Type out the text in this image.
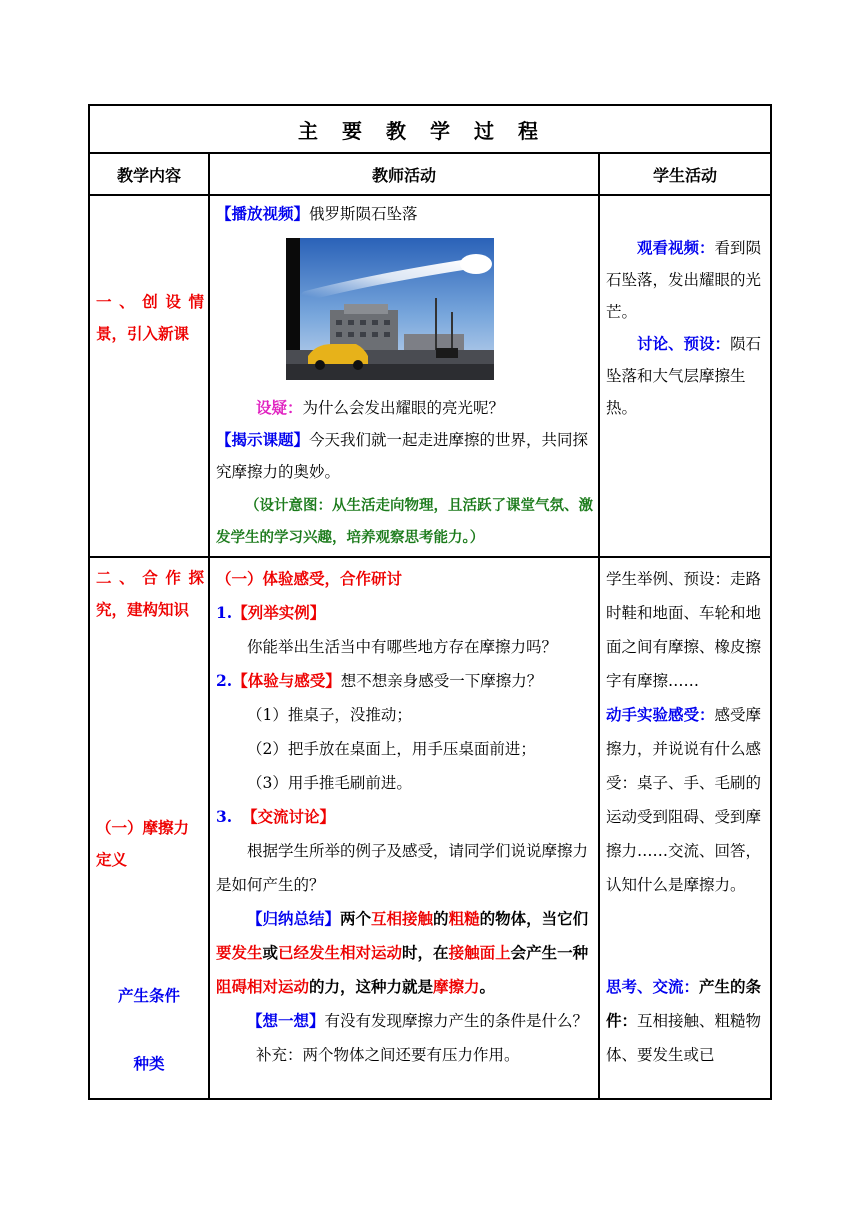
主要教学过程
教学内容	教师活动	学生活动
一、创设情景，引入新课

【播放视频】俄罗斯陨石坠落

设疑：为什么会发出耀眼的亮光呢？

【揭示课题】今天我们就一起走进摩擦的世界，共同探究摩擦力的奥妙。

（设计意图：从生活走向物理，且活跃了课堂气氛、激发学生的学习兴趣，培养观察思考能力。）

观看视频：看到陨石坠落，发出耀眼的光芒。

讨论、预设：陨石坠落和大气层摩擦生热。

二、合作探究，建构知识
（一）摩擦力定义
产生条件
种类

（一）体验感受，合作研讨

1.【列举实例】

你能举出生活当中有哪些地方存在摩擦力吗？

2.【体验与感受】想不想亲身感受一下摩擦力？

（1）推桌子，没推动；

（2）把手放在桌面上，用手压桌面前进；

（3）用手推毛刷前进。

3. 【交流讨论】

根据学生所举的例子及感受，请同学们说说摩擦力是如何产生的？

【归纳总结】两个互相接触的粗糙的物体，当它们要发生或已经发生相对运动时，在接触面上会产生一种阻碍相对运动的力，这种力就是摩擦力。

【想一想】有没有发现摩擦力产生的条件是什么？

补充：两个物体之间还要有压力作用。

学生举例、预设：走路时鞋和地面、车轮和地面之间有摩擦、橡皮擦字有摩擦……

动手实验感受：感受摩擦力，并说说有什么感受：桌子、手、毛刷的运动受到阻碍、受到摩擦力……交流、回答，认知什么是摩擦力。

思考、交流：产生的条件：互相接触、粗糙物体、要发生或已
